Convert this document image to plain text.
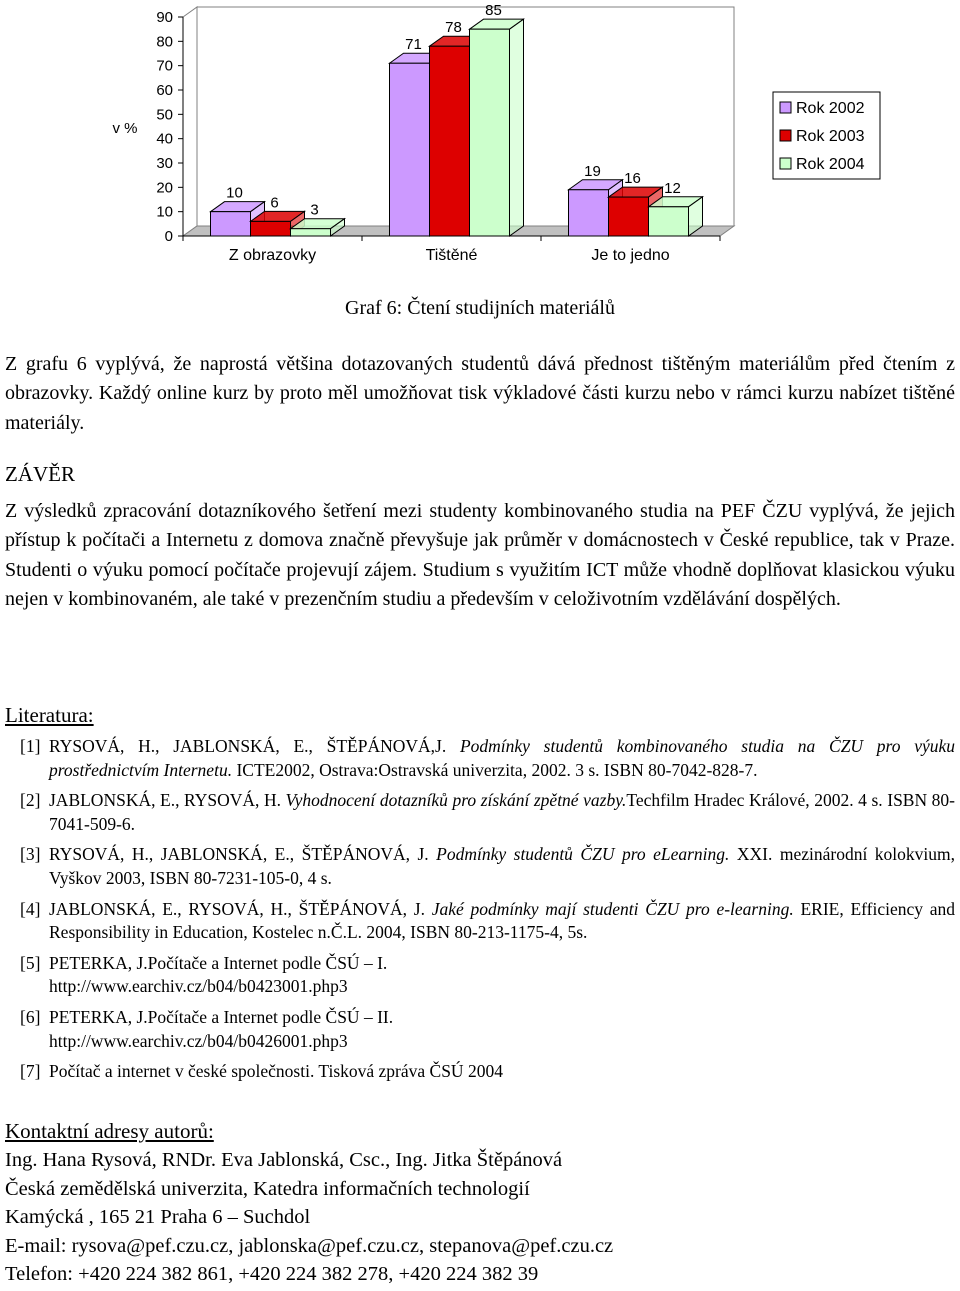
0
10
20
30
40
50
60
70
80
90
v %
Z obrazovky
10
6 3
Tištěné
71
78
85
Je to jedno
19 16
12
Rok 2002
Rok 2003
Rok 2004
Graf 6: Čtení studijních materiálů

Z grafu 6 vyplývá, že naprostá většina dotazovaných studentů dává přednost tištěným materiálům před čtením z obrazovky. Každý online kurz by proto měl umožňovat tisk výkladové části kurzu nebo v rámci kurzu nabízet tištěné materiály.

ZÁVĚR

Z výsledků zpracování dotazníkového šetření mezi studenty kombinovaného studia na PEF ČZU vyplývá, že jejich přístup k počítači a Internetu z domova značně převyšuje jak průměr v domácnostech v České republice, tak v Praze. Studenti o výuku pomocí počítače projevují zájem. Studium s využitím ICT může vhodně doplňovat klasickou výuku nejen v kombinovaném, ale také v prezenčním studiu a především v celoživotním vzdělávání dospělých.

Literatura:

[1] RYSOVÁ, H., JABLONSKÁ, E., ŠTĚPÁNOVÁ,J. Podmínky studentů kombinovaného studia na ČZU pro výuku prostřednictvím Internetu. ICTE2002, Ostrava:Ostravská univerzita, 2002. 3 s. ISBN 80-7042-828-7.
[2] JABLONSKÁ, E., RYSOVÁ, H. Vyhodnocení dotazníků pro získání zpětné vazby.Techfilm Hradec Králové, 2002. 4 s. ISBN 80-7041-509-6.
[3] RYSOVÁ, H., JABLONSKÁ, E., ŠTĚPÁNOVÁ, J. Podmínky studentů ČZU pro eLearning. XXI. mezinárodní kolokvium, Vyškov 2003, ISBN 80-7231-105-0, 4 s.
[4] JABLONSKÁ, E., RYSOVÁ, H., ŠTĚPÁNOVÁ, J. Jaké podmínky mají studenti ČZU pro e-learning. ERIE, Efficiency and Responsibility in Education, Kostelec n.Č.L. 2004, ISBN 80-213-1175-4, 5s.
[5] PETERKA, J.Počítače a Internet podle ČSÚ – I.
http://www.earchiv.cz/b04/b0423001.php3
[6] PETERKA, J.Počítače a Internet podle ČSÚ – II.
http://www.earchiv.cz/b04/b0426001.php3
[7] Počítač a internet v české společnosti. Tisková zpráva ČSÚ 2004

Kontaktní adresy autorů:

Ing. Hana Rysová, RNDr. Eva Jablonská, Csc., Ing. Jitka Štěpánová

Česká zemědělská univerzita, Katedra informačních technologií

Kamýcká , 165 21 Praha 6 – Suchdol

E-mail: rysova@pef.czu.cz, jablonska@pef.czu.cz, stepanova@pef.czu.cz

Telefon: +420 224 382 861, +420 224 382 278, +420 224 382 39
